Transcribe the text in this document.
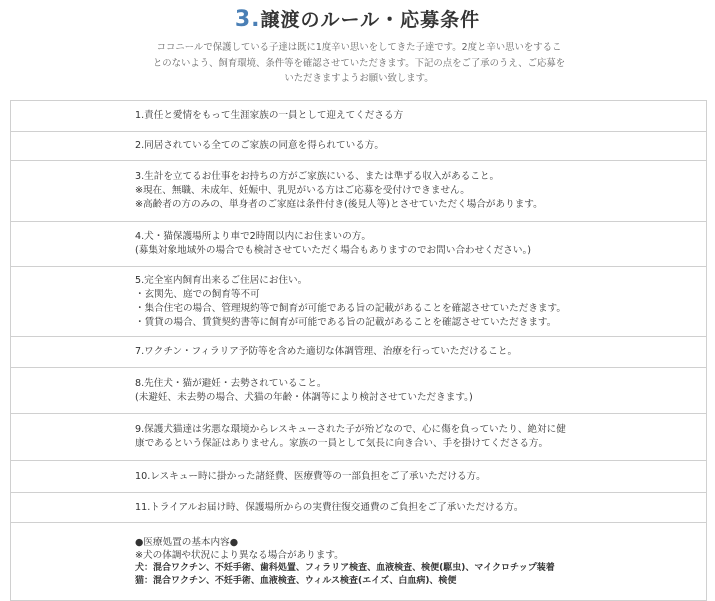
3.譲渡のルール・応募条件
ココニールで保護している子達は既に1度辛い思いをしてきた子達です。2度と辛い思いをするこ
とのないよう、飼育環境、条件等を確認させていただきます。下記の点をご了承のうえ、ご応募を
いただきますようお願い致します。
1.責任と愛情をもって生涯家族の一員として迎えてくださる方
2.同居されている全てのご家族の同意を得られている方。
3.生計を立てるお仕事をお持ちの方がご家族にいる、または準ずる収入があること。
※現在、無職、未成年、妊娠中、乳児がいる方はご応募を受付けできません。
※高齢者の方のみの、単身者のご家庭は条件付き(後見人等)とさせていただく場合があります。
4.犬・猫保護場所より車で2時間以内にお住まいの方。
(募集対象地域外の場合でも検討させていただく場合もありますのでお問い合わせください。)
5.完全室内飼育出来るご住居にお住い。
・玄関先、庭での飼育等不可
・集合住宅の場合、管理規約等で飼育が可能である旨の記載があることを確認させていただきます。
・賃貸の場合、賃貸契約書等に飼育が可能である旨の記載があることを確認させていただきます。
7.ワクチン・フィラリア予防等を含めた適切な体調管理、治療を行っていただけること。
8.先住犬・猫が避妊・去勢されていること。
(未避妊、未去勢の場合、犬猫の年齢・体調等により検討させていただきます。)
9.保護犬猫達は劣悪な環境からレスキューされた子が殆どなので、心に傷を負っていたり、絶対に健
康であるという保証はありません。家族の一員として気長に向き合い、手を掛けてくださる方。
10.レスキュー時に掛かった諸経費、医療費等の一部負担をご了承いただける方。
11.トライアルお届け時、保護場所からの実費往復交通費のご負担をご了承いただける方。
●医療処置の基本内容●
※犬の体調や状況により異なる場合があります。
犬：混合ワクチン、不妊手術、歯科処置、フィラリア検査、血液検査、検便(駆虫)、マイクロチップ装着
猫：混合ワクチン、不妊手術、血液検査、ウィルス検査(エイズ、白血病)、検便
